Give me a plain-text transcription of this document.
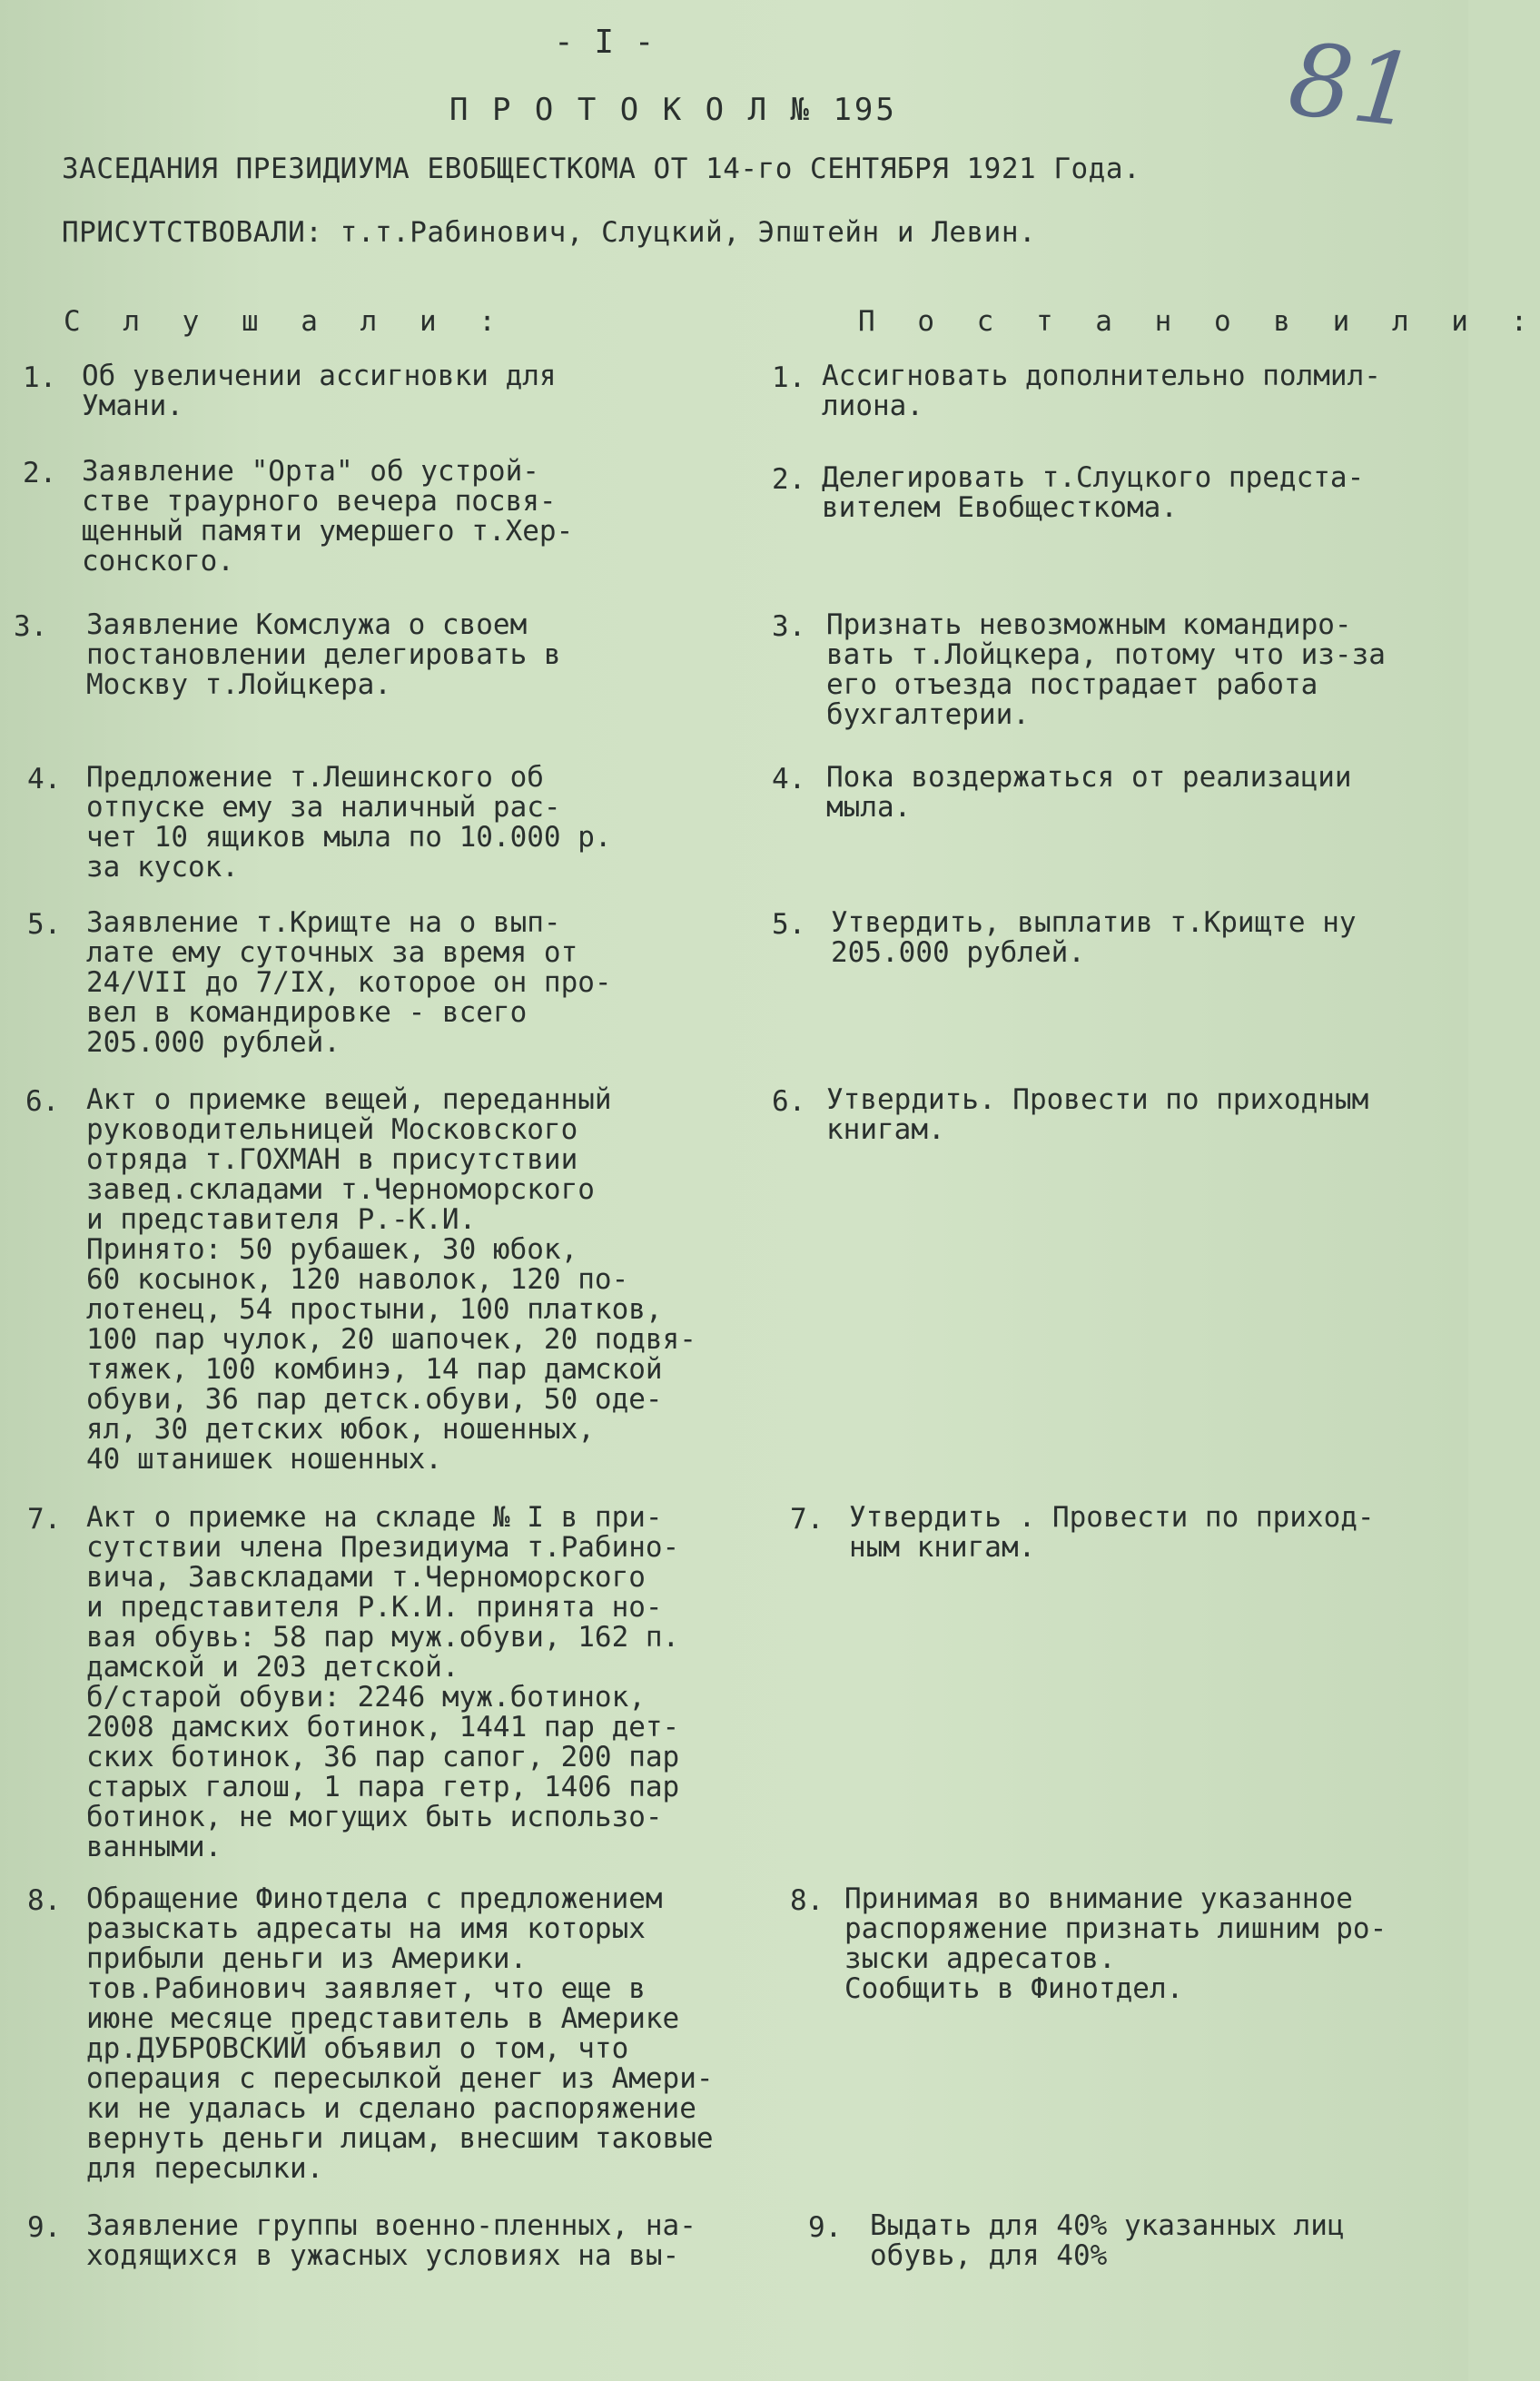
81
- I -
П Р О Т О К О Л № 195
ЗАСЕДАНИЯ ПРЕЗИДИУМА ЕВОБЩЕСТКОМА ОТ 14-го СЕНТЯБРЯ 1921 Года.
ПРИСУТСТВОВАЛИ: т.т.Рабинович, Слуцкий, Эпштейн и Левин.
С л у ш а л и :	П о с т а н о в и л и :
1. Об увеличении ассигновки для
Умани.
1. Ассигновать дополнительно полмил-
лиона.
2. Заявление "Орта" об устрой-
стве траурного вечера посвя-
щенный памяти умершего т.Хер-
сонского.
2. Делегировать т.Слуцкого предста-
вителем Евобщесткома.
3. Заявление Комслужа о своем
постановлении делегировать в
Москву т.Лойцкера.
3. Признать невозможным командиро-
вать т.Лойцкера, потому что из-за
его отъезда пострадает работа
бухгалтерии.
4. Предложение т.Лешинского об
отпуске ему за наличный рас-
чет 10 ящиков мыла по 10.000 р.
за кусок.
4. Пока воздержаться от реализации
мыла.
5. Заявление т.Крищте на о вып-
лате ему суточных за время от
24/VII до 7/IX, которое он про-
вел в командировке - всего
205.000 рублей.
5. Утвердить, выплатив т.Крищте ну
205.000 рублей.
6. Акт о приемке вещей, переданный
руководительницей Московского
отряда т.ГОХМАН в присутствии
завед.складами т.Черноморского
и представителя Р.-К.И.
Принято: 50 рубашек, 30 юбок,
60 косынок, 120 наволок, 120 по-
лотенец, 54 простыни, 100 платков,
100 пар чулок, 20 шапочек, 20 подвя-
тяжек, 100 комбинэ, 14 пар дамской
обуви, 36 пар детск.обуви, 50 оде-
ял, 30 детских юбок, ношенных,
40 штанишек ношенных.
6. Утвердить. Провести по приходным
книгам.
7. Акт о приемке на складе № I в при-
сутствии члена Президиума т.Рабино-
вича, Завскладами т.Черноморского
и представителя Р.К.И. принята но-
вая обувь: 58 пар муж.обуви, 162 п.
дамской и 203 детской.
б/старой обуви: 2246 муж.ботинок,
2008 дамских ботинок, 1441 пар дет-
ских ботинок, 36 пар сапог, 200 пар
старых галош, 1 пара гетр, 1406 пар
ботинок, не могущих быть использо-
ванными.
7. Утвердить . Провести по приход-
ным книгам.
8. Обращение Финотдела с предложением
разыскать адресаты на имя которых
прибыли деньги из Америки.
тов.Рабинович заявляет, что еще в
июне месяце представитель в Америке
др.ДУБРОВСКИЙ объявил о том, что
операция с пересылкой денег из Амери-
ки не удалась и сделано распоряжение
вернуть деньги лицам, внесшим таковые
для пересылки.
8. Принимая во внимание указанное
распоряжение признать лишним ро-
зыски адресатов.
Сообщить в Финотдел.
9. Заявление группы военно-пленных, на-
ходящихся в ужасных условиях на вы-
9. Выдать для 40% указанных лиц
обувь, для 40%
